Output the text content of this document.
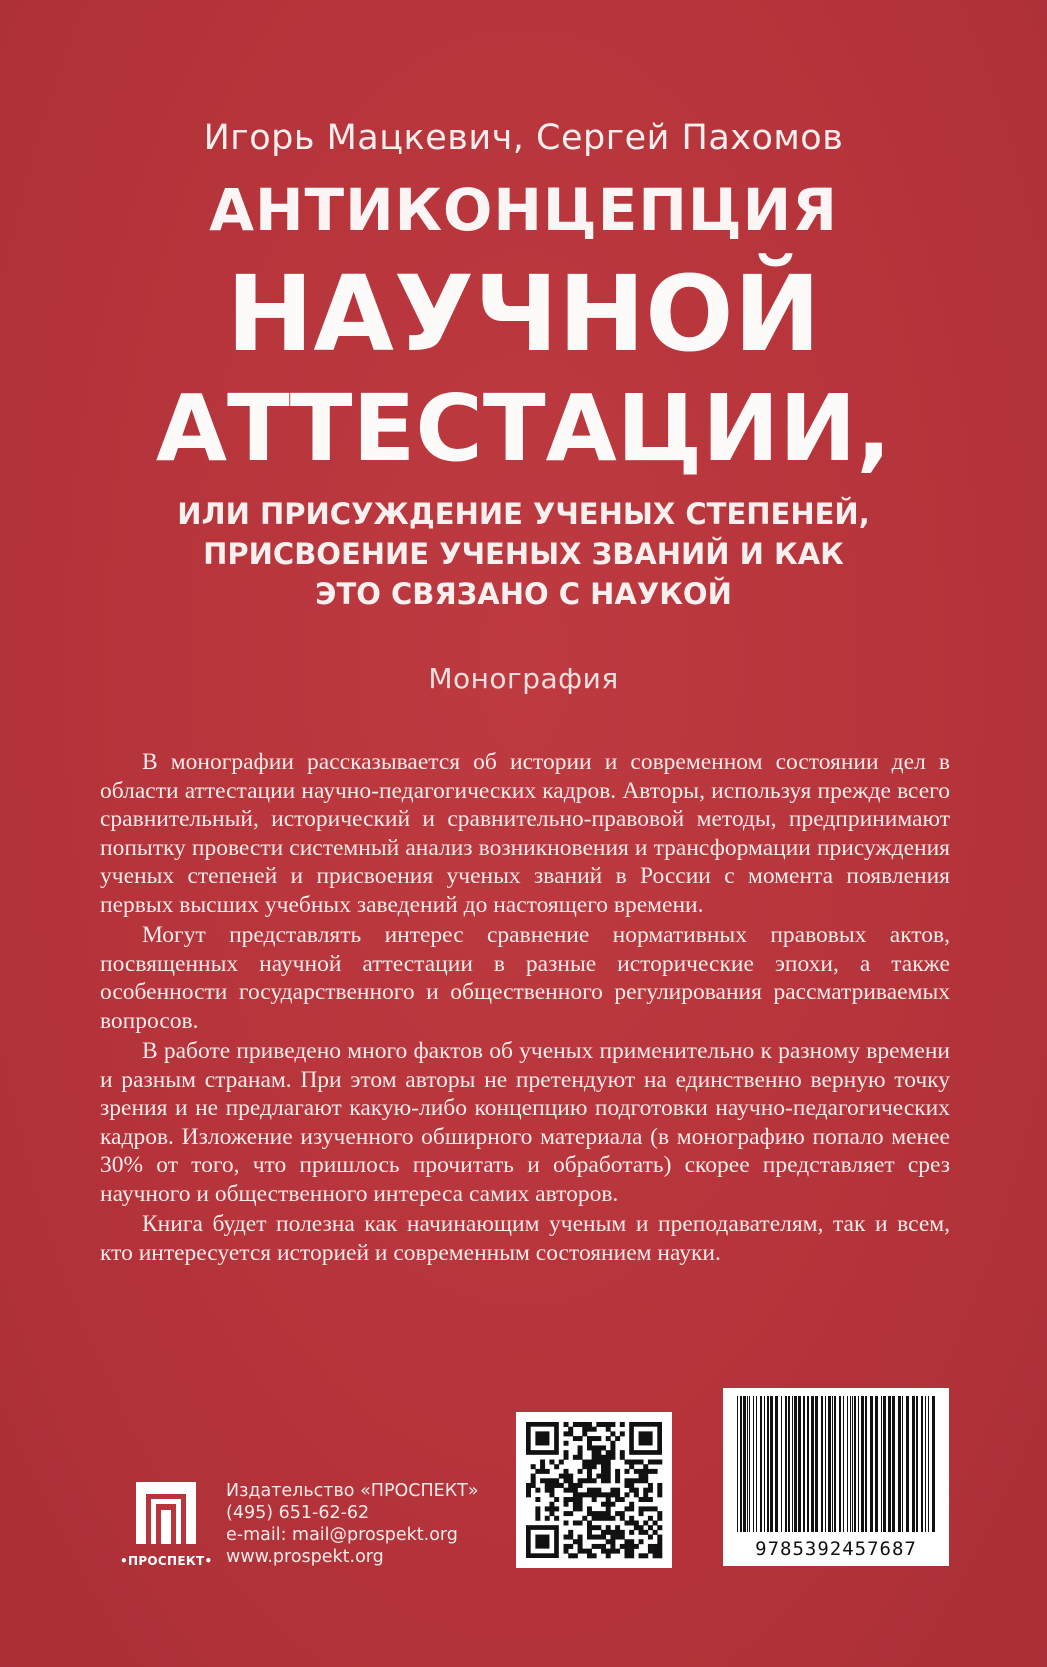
Игорь Мацкевич, Сергей Пахомов
АНТИКОНЦЕПЦИЯ
НАУЧНОЙ
АТТЕСТАЦИИ,
ИЛИ ПРИСУЖДЕНИЕ УЧЕНЫХ СТЕПЕНЕЙ,
ПРИСВОЕНИЕ УЧЕНЫХ ЗВАНИЙ И КАК
ЭТО СВЯЗАНО С НАУКОЙ
Монография

В монографии рассказывается об истории и современном состоянии дел в области аттестации научно-педагогических кадров. Авторы, используя прежде всего сравнительный, исторический и сравнительно-правовой методы, предпринимают попытку провести системный анализ возникновения и трансформации присуждения ученых степеней и присвоения ученых званий в России с момента появления первых высших учебных заведений до настоящего времени.

Могут представлять интерес сравнение нормативных правовых актов, посвященных научной аттестации в разные исторические эпохи, а также особенности государственного и общественного регулирования рассматриваемых вопросов.

В работе приведено много фактов об ученых применительно к разному времени и разным странам. При этом авторы не претендуют на единственно верную точку зрения и не предлагают какую-либо концепцию подготовки научно-педагогических кадров. Изложение изученного обширного материала (в монографию попало менее 30% от того, что пришлось прочитать и обработать) скорее представляет срез научного и общественного интереса самих авторов.

Книга будет полезна как начинающим ученым и преподавателям, так и всем, кто интересуется историей и современным состоянием науки.

•ПРОСПЕКТ•
Издательство «ПРОСПЕКТ»
(495) 651-62-62
e-mail: mail@prospekt.org
www.prospekt.org	9785392457687
